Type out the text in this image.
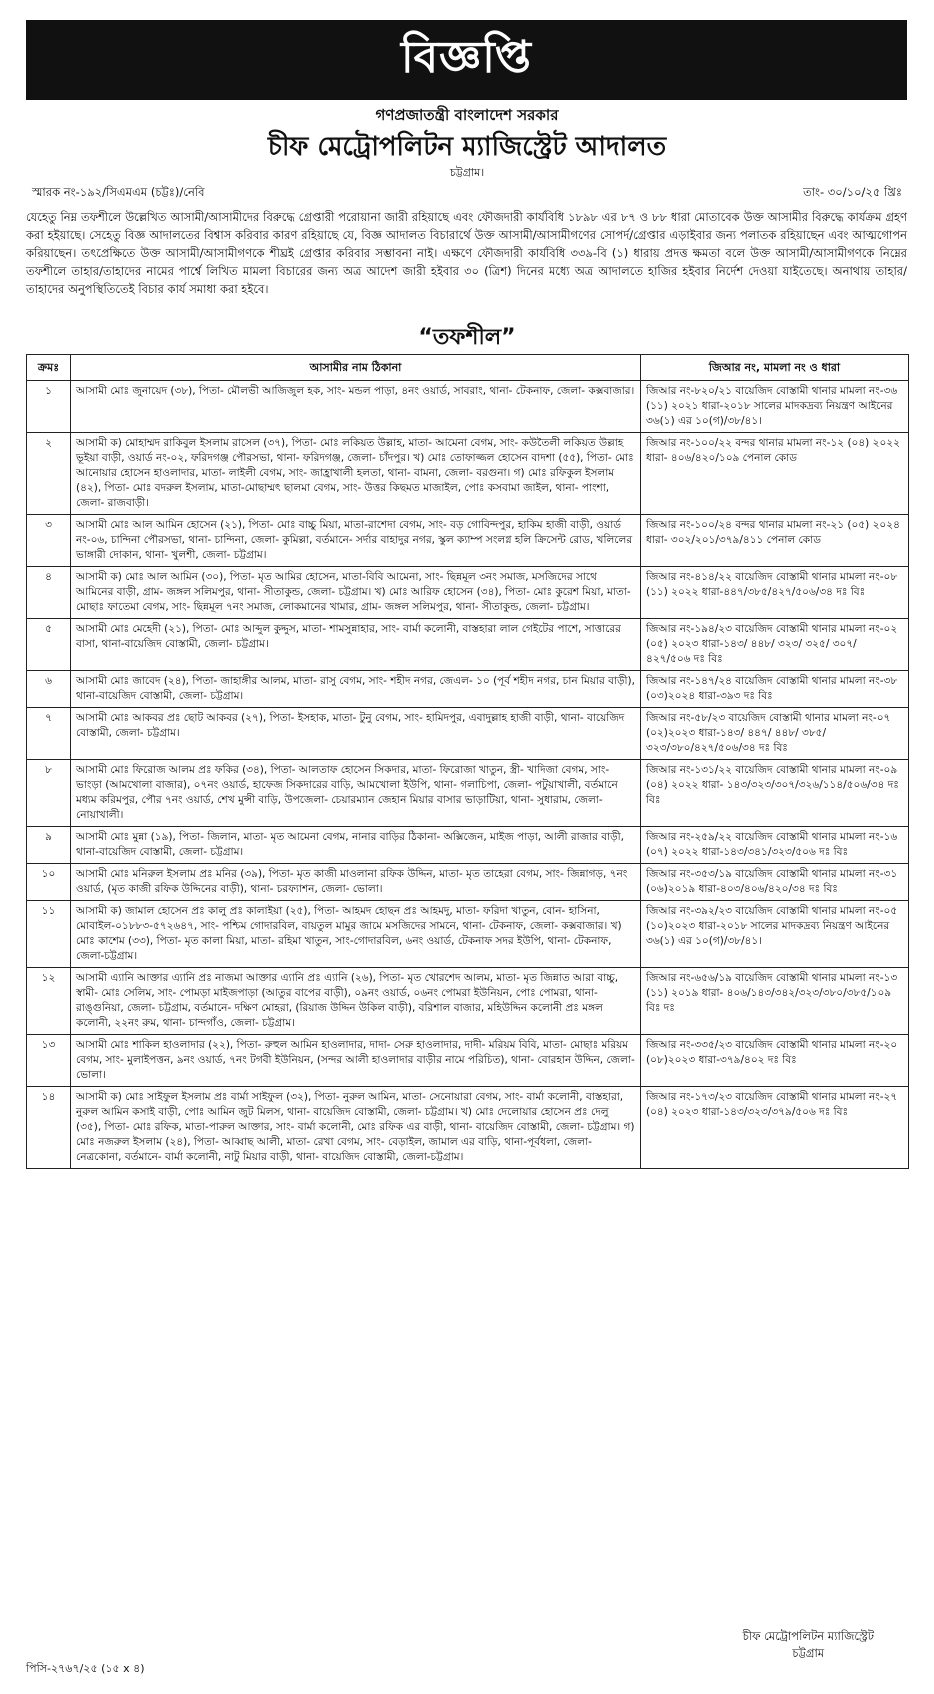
বিজ্ঞপ্তি
গণপ্রজাতন্ত্রী বাংলাদেশ সরকার
চীফ মেট্রোপলিটন ম্যাজিস্ট্রেট আদালত
চট্টগ্রাম।
স্মারক নং-১৯২/সিএমএম (চট্টঃ)/নেবি	তাং- ৩০/১০/২৫ খ্রিঃ
যেহেতু নিম্ন তফশীলে উল্লেখিত আসামী/আসামীদের বিরুদ্ধে গ্রেপ্তারী পরোয়ানা জারী রহিয়াছে এবং ফৌজদারী কার্যবিধি ১৮৯৮ এর ৮৭ ও ৮৮ ধারা মোতাবেক উক্ত আসামীর বিরুদ্ধে কার্যক্রম গ্রহণ করা হইয়াছে। সেহেতু বিজ্ঞ আদালতের বিশ্বাস করিবার কারণ রহিয়াছে যে, বিজ্ঞ আদালত বিচারার্থে উক্ত আসামী/আসামীগণের সোপর্দ/গ্রেপ্তার এড়াইবার জন্য পলাতক রহিয়াছেন এবং আত্মগোপন করিয়াছেন। তৎপ্রেক্ষিতে উক্ত আসামী/আসামীগণকে শীঘ্রই গ্রেপ্তার করিবার সম্ভাবনা নাই। এক্ষণে ফৌজদারী কার্যবিধি ৩৩৯-বি (১) ধারায় প্রদত্ত ক্ষমতা বলে উক্ত আসামী/আসামীগণকে নিম্নের তফশীলে তাহার/তাহাদের নামের পার্শ্বে লিখিত মামলা বিচারের জন্য অত্র আদেশ জারী হইবার ৩০ (ত্রিশ) দিনের মধ্যে অত্র আদালতে হাজির হইবার নির্দেশ দেওয়া যাইতেছে। অনাথায় তাহার/তাহাদের অনুপস্থিতিতেই বিচার কার্য সমাধা করা হইবে।
“তফশীল”
ক্রমঃ	আসামীর নাম ঠিকানা	জিআর নং, মামলা নং ও ধারা
১	আসামী মোঃ জুনায়েদ (৩৮), পিতা- মৌলভী আজিজুল হক, সাং- মন্ডল পাড়া, ৪নং ওয়ার্ড, সাবরাং, থানা- টেকনাফ, জেলা- কক্সবাজার।	জিআর নং-৮২০/২১ বায়েজিদ বোস্তামী থানার মামলা নং-৩৬ (১১) ২০২১ ধারা-২০১৮ সালের মাদকদ্রব্য নিয়ন্ত্রণ আইনের ৩৬(১) এর ১০(গ)/৩৮/৪১।
২	আসামী ক) মোহাম্মদ রাকিবুল ইসলাম রাসেল (৩৭), পিতা- মোঃ লকিয়ত উল্লাহ, মাতা- আমেনা বেগম, সাং- কউতৈলী লকিয়ত উল্লাহ ভূইয়া বাড়ী, ওয়ার্ড নং-০২, ফরিদগঞ্জ পৌরসভা, থানা- ফরিদগঞ্জ, জেলা- চাঁদপুর। খ) মোঃ তোফাজ্জল হোসেন বাদশা (৫৫), পিতা- মোঃ আনোয়ার হোসেন হাওলাদার, মাতা- লাইলী বেগম, সাং- জাহ্রাখালী হলতা, থানা- বামনা, জেলা- বরগুনা। গ) মোঃ রফিকুল ইসলাম (৪২), পিতা- মোঃ বদরুল ইসলাম, মাতা-মোছাম্মৎ ছালমা বেগম, সাং- উত্তর কিছমত মাজাইল, পোঃ কসবামা জাইল, থানা- পাংশা, জেলা- রাজবাড়ী।	জিআর নং-১০০/২২ বন্দর থানার মামলা নং-১২ (০৪) ২০২২ ধারা- ৪০৬/৪২০/১০৯ পেনাল কোড
৩	আসামী মোঃ আল আমিন হোসেন (২১), পিতা- মোঃ বাচ্চু মিয়া, মাতা-রাশেদা বেগম, সাং- বড় গোবিন্দপুর, হাকিম হাজী বাড়ী, ওয়ার্ড নং-০৬, চান্দিনা পৌরসভা, থানা- চান্দিনা, জেলা- কুমিল্লা, বর্তমানে- সর্দার বাহাদুর নগর, স্কুল ক্যাম্প সংলগ্ন হলি ক্রিসেন্ট রোড, খলিলের ভাঙ্গারী দোকান, থানা- খুলশী, জেলা- চট্টগ্রাম।	জিআর নং-১০০/২৪ বন্দর থানার মামলা নং-২১ (০৫) ২০২৪ ধারা- ৩০২/২০১/৩৭৯/৪১১ পেনাল কোড
৪	আসামী ক) মোঃ আল আমিন (৩০), পিতা- মৃত আমির হোসেন, মাতা-বিবি আমেনা, সাং- ছিন্নমূল ৩নং সমাজ, মসজিদের সাথে আমিনের বাড়ী, গ্রাম- জঙ্গল সলিমপুর, থানা- সীতাকুন্ড, জেলা- চট্টগ্রাম। খ) মোঃ আরিফ হোসেন (৩৪), পিতা- মোঃ কুরেশ মিয়া, মাতা- মোছাঃ ফাতেমা বেগম, সাং- ছিন্নমূল ৭নং সমাজ, লোকমানের খামার, গ্রাম- জঙ্গল সলিমপুর, থানা- সীতাকুন্ড, জেলা- চট্টগ্রাম।	জিআর নং-৪১৪/২২ বায়েজিদ বোস্তামী থানার মামলা নং-০৮ (১১) ২০২২ ধারা-৪৪৭/৩৮৫/৪২৭/৫০৬/৩৪ দঃ বিঃ
৫	আসামী মোঃ মেহেদী (২১), পিতা- মোঃ আব্দুল কুদ্দুস, মাতা- শামসুন্নাহার, সাং- বার্মা কলোনী, বাস্তহারা লাল গেইটের পাশে, সাত্তারের বাসা, থানা-বায়েজিদ বোস্তামী, জেলা- চট্টগ্রাম।	জিআর নং-১৯৪/২৩ বায়েজিদ বোস্তামী থানার মামলা নং-০২ (০৫) ২০২৩ ধারা-১৪৩/ ৪৪৮/ ৩২৩/ ৩২৫/ ৩০৭/ ৪২৭/৫০৬ দঃ বিঃ
৬	আসামী মোঃ জাবেদ (২৪), পিতা- জাহাঙ্গীর আলম, মাতা- রাসু বেগম, সাং- শহীদ নগর, জেএল- ১০ (পূর্ব শহীদ নগর, চান মিয়ার বাড়ী), থানা-বায়েজিদ বোস্তামী, জেলা- চট্টগ্রাম।	জিআর নং-১৪৭/২৪ বায়েজিদ বোস্তামী থানার মামলা নং-৩৮ (০৩)২০২৪ ধারা-৩৯৩ দঃ বিঃ
৭	আসামী মোঃ আকবর প্রঃ ছোট আকবর (২৭), পিতা- ইসহাক, মাতা- টুনু বেগম, সাং- হামিদপুর, এবাদুল্লাহ হাজী বাড়ী, থানা- বায়েজিদ বোস্তামী, জেলা- চট্টগ্রাম।	জিআর নং-৫৮/২৩ বায়েজিদ বোস্তামী থানার মামলা নং-০৭ (০২)২০২৩ ধারা-১৪৩/ ৪৪৭/ ৪৪৮/ ৩৮৫/ ৩২৩/৩৮০/৪২৭/৫০৬/৩৪ দঃ বিঃ
৮	আসামী মোঃ ফিরোজ আলম প্রঃ ফকির (৩৪), পিতা- আলতাফ হোসেন সিকদার, মাতা- ফিরোজা খাতুন, স্ত্রী- খাদিজা বেগম, সাং- ভাংড়া (আমখোলা বাজার), ০৭নং ওয়ার্ড, হাফেজ সিকদারের বাড়ি, আমখোলা ইউপি, থানা- গলাচিপা, জেলা- পটুয়াখালী, বর্তমানে মধ্যম করিমপুর, পৌর ৭নং ওয়ার্ড, শেখ মুন্সী বাড়ি, উপজেলা- চেয়ারম্যান জেহান মিয়ার বাসার ভাড়াটিয়া, থানা- সুধারাম, জেলা- নোয়াখালী।	জিআর নং-১৩১/২২ বায়েজিদ বোস্তামী থানার মামলা নং-০৯ (০৪) ২০২২ ধারা- ১৪৩/৩২৩/৩০৭/৩২৬/১১৪/৫০৬/৩৪ দঃ বিঃ
৯	আসামী মোঃ মুন্না (১৯), পিতা- জিলান, মাতা- মৃত আমেনা বেগম, নানার বাড়ির ঠিকানা- অক্সিজেন, মাইজ পাড়া, আলী রাজার বাড়ী, থানা-বায়েজিদ বোস্তামী, জেলা- চট্টগ্রাম।	জিআর নং-২৫৯/২২ বায়েজিদ বোস্তামী থানার মামলা নং-১৬ (০৭) ২০২২ ধারা-১৪৩/৩৪১/৩২৩/৫০৬ দঃ বিঃ
১০	আসামী মোঃ মনিরুল ইসলাম প্রঃ মনির (৩৯), পিতা- মৃত কাজী মাওলানা রফিক উদ্দিন, মাতা- মৃত তাহেরা বেগম, সাং- জিন্নাগড়, ৭নং ওয়ার্ড, (মৃত কাজী রফিক উদ্দিনের বাড়ী), থানা- চরফ্যাশন, জেলা- ভোলা।	জিআর নং-৩৫৩/১৯ বায়েজিদ বোস্তামী থানার মামলা নং-৩১ (০৬)২০১৯ ধারা-৪০৩/৪০৬/৪২০/৩৪ দঃ বিঃ
১১	আসামী ক) জামাল হোসেন প্রঃ কালু প্রঃ কালাইয়া (২৫), পিতা- আহমদ হোছন প্রঃ আহমদু, মাতা- ফরিদা খাতুন, বোন- হাসিনা, মোবাইল-০১৮৮৩-৫৭২৬৪৭, সাং- পশ্চিম গোদারবিল, বায়তুল মামুর জামে মসজিদের সামনে, থানা- টেকনাফ, জেলা- কক্সবাজার। খ) মোঃ কাশেম (৩৩), পিতা- মৃত কালা মিয়া, মাতা- রহিমা খাতুন, সাং-গোদারবিল, ৬নং ওয়ার্ড, টেকনাফ সদর ইউপি, থানা- টেকনাফ, জেলা-চট্টগ্রাম।	জিআর নং-৩৯২/২৩ বায়েজিদ বোস্তামী থানার মামলা নং-০৫ (১০)২০২৩ ধারা-২০১৮ সালের মাদকদ্রব্য নিয়ন্ত্রণ আইনের ৩৬(১) এর ১০(গ)/৩৮/৪১।
১২	আসামী এ্যানি আক্তার এ্যানি প্রঃ নাজমা আক্তার এ্যানি প্রঃ এ্যানি (২৬), পিতা- মৃত খোরশেদ আলম, মাতা- মৃত জিন্নাত আরা বাচ্চু, স্বামী- মোঃ সেলিম, সাং- পোমড়া মাইজপাড়া (আতুর বাপের বাড়ী), ০৯নং ওয়ার্ড, ০৬নং পোমরা ইউনিয়ন, পোঃ পোমরা, থানা- রাঙ্গুনিয়া, জেলা- চট্টগ্রাম, বর্তমানে- দক্ষিণ মোহরা, (রিয়াজ উদ্দিন উকিল বাড়ী), বরিশাল বাজার, মহিউদ্দিন কলোনী প্রঃ মঙ্গল কলোনী, ২২নং রুম, থানা- চান্দগাঁও, জেলা- চট্টগ্রাম।	জিআর নং-৬৫৬/১৯ বায়েজিদ বোস্তামী থানার মামলা নং-১৩ (১১) ২০১৯ ধারা- ৪০৬/১৪৩/৩৪২/৩২৩/৩৮০/৩৮৫/১০৯ বিঃ দঃ
১৩	আসামী মোঃ শাকিল হাওলাদার (২২), পিতা- রুহুল আমিন হাওলাদার, দাদা- সেরু হাওলাদার, দাদী- মরিয়ম বিবি, মাতা- মোছাঃ মরিয়ম বেগম, সাং- মুলাইপত্তন, ৯নং ওয়ার্ড, ৭নং টগবী ইউনিয়ন, (সন্দর আলী হাওলাদার বাড়ীর নামে পরিচিত), থানা- বোরহান উদ্দিন, জেলা- ভোলা।	জিআর নং-৩৩৫/২৩ বায়েজিদ বোস্তামী থানার মামলা নং-২০ (০৮)২০২৩ ধারা-৩৭৯/৪০২ দঃ বিঃ
১৪	আসামী ক) মোঃ সাইফুল ইসলাম প্রঃ বার্মা সাইফুল (৩২), পিতা- নুরুল আমিন, মাতা- সেনোয়ারা বেগম, সাং- বার্মা কলোনী, বাস্তহারা, নুরুল আমিন কসাই বাড়ী, পোঃ আমিন জুট মিলস, থানা- বায়েজিদ বোস্তামী, জেলা- চট্টগ্রাম। খ) মোঃ দেলোয়ার হোসেন প্রঃ দেলু (৩৫), পিতা- মোঃ রফিক, মাতা-পারুল আক্তার, সাং- বার্মা কলোনী, মোঃ রফিক এর বাড়ী, থানা- বায়েজিদ বোস্তামী, জেলা- চট্টগ্রাম। গ) মোঃ নজরুল ইসলাম (২৪), পিতা- আব্বাছ আলী, মাতা- রেখা বেগম, সাং- বেড়াইল, জামাল এর বাড়ি, থানা-পূর্বধলা, জেলা- নেত্রকোনা, বর্তমানে- বার্মা কলোনী, নাটু মিয়ার বাড়ী, থানা- বায়েজিদ বোস্তামী, জেলা-চট্টগ্রাম।	জিআর নং-১৭৩/২৩ বায়েজিদ বোস্তামী থানার মামলা নং-২৭ (০৪) ২০২৩ ধারা-১৪৩/৩২৩/৩৭৯/৫০৬ দঃ বিঃ
চীফ মেট্রোপলিটন ম্যাজিস্ট্রেট
চট্টগ্রাম
পিসি-২৭৬৭/২৫ (১৫ x ৪)
